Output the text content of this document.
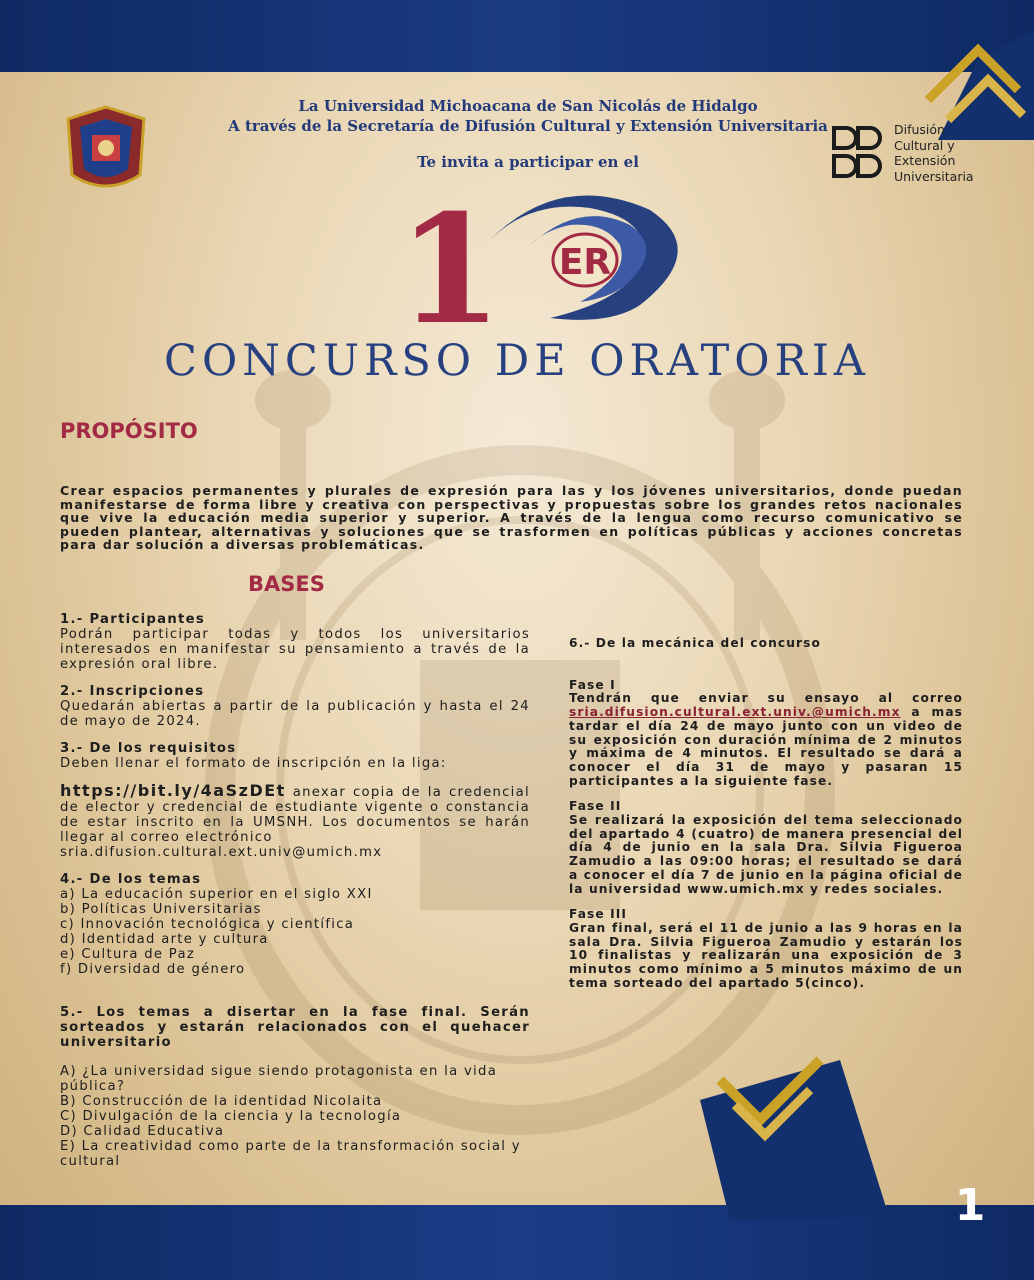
La Universidad Michoacana de San Nicolás de Hidalgo
A través de la Secretaría de Difusión Cultural y Extensión Universitaria
Te invita a participar en el
Difusión
Cultural y
Extensión
Universitaria
1 ER
CONCURSO DE ORATORIA
PROPÓSITO
Crear espacios permanentes y plurales de expresión para las y los jóvenes universitarios, donde puedan manifestarse de forma libre y creativa con perspectivas y propuestas sobre los grandes retos nacionales que vive la educación media superior y superior. A través de la lengua como recurso comunicativo se pueden plantear, alternativas y soluciones que se trasformen en políticas públicas y acciones concretas para dar solución a diversas problemáticas.
BASES
1.- Participantes
Podrán participar todas y todos los universitarios interesados en manifestar su pensamiento a través de la expresión oral libre.
2.- Inscripciones
Quedarán abiertas a partir de la publicación y hasta el 24 de mayo de 2024.
3.- De los requisitos
Deben llenar el formato de inscripción en la liga:
https://bit.ly/4aSzDEt anexar copia de la credencial de elector y credencial de estudiante vigente o constancia de estar inscrito en la UMSNH. Los documentos se harán llegar al correo electrónico
sria.difusion.cultural.ext.univ@umich.mx
4.- De los temas
a) La educación superior en el siglo XXI
b) Políticas Universitarias
c) Innovación tecnológica y científica
d) Identidad arte y cultura
e) Cultura de Paz
f) Diversidad de género
5.- Los temas a disertar en la fase final. Serán sorteados y estarán relacionados con el quehacer universitario
A) ¿La universidad sigue siendo protagonista en la vida pública?
B) Construcción de la identidad Nicolaita
C) Divulgación de la ciencia y la tecnología
D) Calidad Educativa
E) La creatividad como parte de la transformación social y cultural
6.- De la mecánica del concurso
Fase I
Tendrán que enviar su ensayo al correo sria.difusion.cultural.ext.univ.@umich.mx a mas tardar el día 24 de mayo junto con un video de su exposición con duración mínima de 2 minutos y máxima de 4 minutos. El resultado se dará a conocer el día 31 de mayo y pasaran 15 participantes a la siguiente fase.
Fase II
Se realizará la exposición del tema seleccionado del apartado 4 (cuatro) de manera presencial del día 4 de junio en la sala Dra. Silvia Figueroa Zamudio a las 09:00 horas; el resultado se dará a conocer el día 7 de junio en la página oficial de la universidad www.umich.mx y redes sociales.
Fase III
Gran final, será el 11 de junio a las 9 horas en la sala Dra. Silvia Figueroa Zamudio y estarán los 10 finalistas y realizarán una exposición de 3 minutos como mínimo a 5 minutos máximo de un tema sorteado del apartado 5(cinco).
1
